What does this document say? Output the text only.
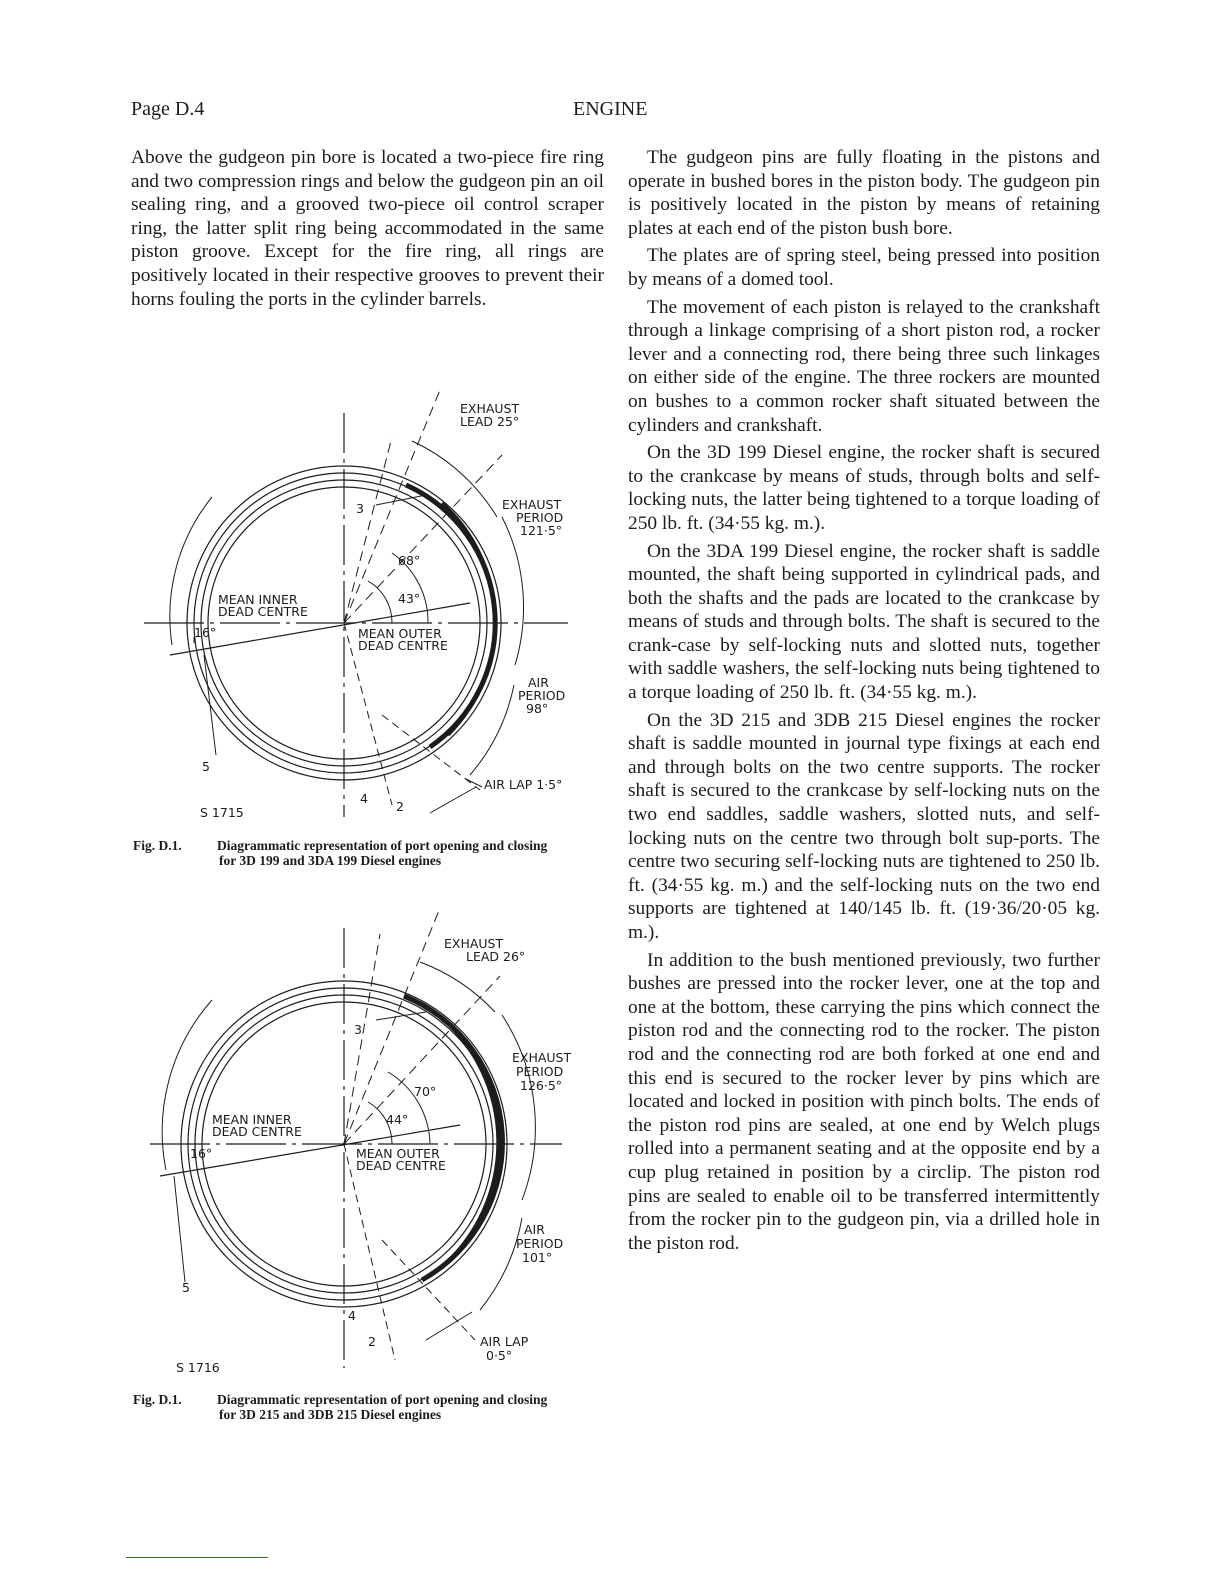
Page D.4	ENGINE

Above the gudgeon pin bore is located a two-piece fire ring and two compression rings and below the gudgeon pin an oil sealing ring, and a grooved two-piece oil control scraper ring, the latter split ring being accommodated in the same piston groove. Except for the fire ring, all rings are positively located in their respective grooves to prevent their horns fouling the ports in the cylinder barrels.

EXHAUST
LEAD 25°
EXHAUST
PERIOD
121·5°
MEAN INNER
DEAD CENTRE
MEAN OUTER
DEAD CENTRE
AIR
PERIOD
98°
AIR LAP 1·5°
68°
43°
16°
3
4
2
5
S 1715
Fig. D.1.	Diagrammatic representation of port opening and closing
for 3D 199 and 3DA 199 Diesel engines
EXHAUST
LEAD 26°
EXHAUST
PERIOD
126·5°
MEAN INNER
DEAD CENTRE
MEAN OUTER
DEAD CENTRE
AIR
PERIOD
101°
AIR LAP
0·5°
70°
44°
16°
3
4
2
5
S 1716
Fig. D.1.	Diagrammatic representation of port opening and closing
for 3D 215 and 3DB 215 Diesel engines

The gudgeon pins are fully floating in the pistons and operate in bushed bores in the piston body. The gudgeon pin is positively located in the piston by means of retaining plates at each end of the piston bush bore.

The plates are of spring steel, being pressed into position by means of a domed tool.

The movement of each piston is relayed to the crankshaft through a linkage comprising of a short piston rod, a rocker lever and a connecting rod, there being three such linkages on either side of the engine. The three rockers are mounted on bushes to a common rocker shaft situated between the cylinders and crankshaft.

On the 3D 199 Diesel engine, the rocker shaft is secured to the crankcase by means of studs, through bolts and self-locking nuts, the latter being tightened to a torque loading of 250 lb. ft. (34·55 kg. m.).

On the 3DA 199 Diesel engine, the rocker shaft is saddle mounted, the shaft being supported in cylindrical pads, and both the shafts and the pads are located to the crankcase by means of studs and through bolts. The shaft is secured to the crank-case by self-locking nuts and slotted nuts, together with saddle washers, the self-locking nuts being tightened to a torque loading of 250 lb. ft. (34·55 kg. m.).

On the 3D 215 and 3DB 215 Diesel engines the rocker shaft is saddle mounted in journal type fixings at each end and through bolts on the two centre supports. The rocker shaft is secured to the crankcase by self-locking nuts on the two end saddles, saddle washers, slotted nuts, and self-locking nuts on the centre two through bolt sup-ports. The centre two securing self-locking nuts are tightened to 250 lb. ft. (34·55 kg. m.) and the self-locking nuts on the two end supports are tightened at 140/145 lb. ft. (19·36/20·05 kg. m.).

In addition to the bush mentioned previously, two further bushes are pressed into the rocker lever, one at the top and one at the bottom, these carrying the pins which connect the piston rod and the connecting rod to the rocker. The piston rod and the connecting rod are both forked at one end and this end is secured to the rocker lever by pins which are located and locked in position with pinch bolts. The ends of the piston rod pins are sealed, at one end by Welch plugs rolled into a permanent seating and at the opposite end by a cup plug retained in position by a circlip. The piston rod pins are sealed to enable oil to be transferred intermittently from the rocker pin to the gudgeon pin, via a drilled hole in the piston rod.
